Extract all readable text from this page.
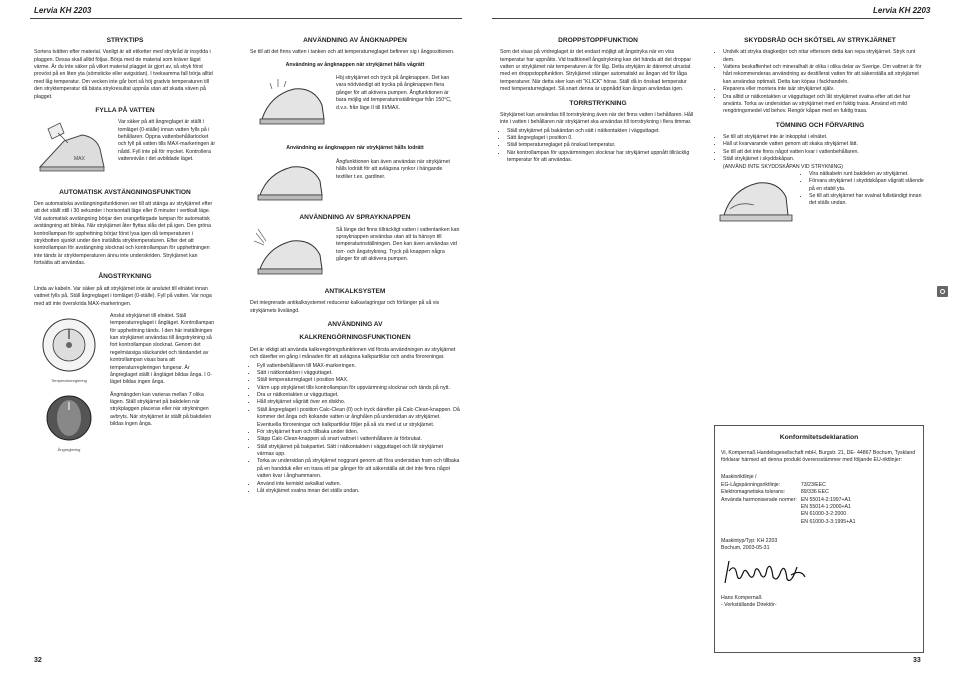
Lervia KH 2203	Lervia KH 2203
STRYKTIPS

Sortera tvätten efter material. Vanligt är att etiketter med strykråd är insydda i plaggen. Dessa skall alltid följas. Börja med de material som kräver lägst värme. Är du inte säker på vilket material plagget är gjort av, så stryk först provöst på en liten yta (sömsticke eller avigsidan). I tveksamma fall börja alltid med låg temperatur. Om vecken inte går bort så höj gradvis temperaturen till den stryktemperatur då bästa strykresultat uppnås utan att skada väven på plagget.

FYLLA PÅ VATTEN
MAX
Var säker på att ångreglaget är ställt i tomläget (0-ställe) innan vatten fylls på i behållaren. Öppna vattenbehållarlocket och fyll på vatten tills MAX-markeringen är nådd. Fyll inte på för mycket. Kontrollera vattennivån i det avbildade läget.
AUTOMATISK AVSTÄNGNINGSFUNKTION

Den automatiska avstängningsfunktionen ser till att stänga av strykjärnet efter att det ställt still i 30 sekunder i horisontalt läge eller 8 minuter i vertikalt läge. Vid automatisk avstängning börjar den orangefärgade lampan för automatisk avstängning att blinka. När strykjärnet åter flyttas slås det på igen. Den gröna kontrollampan för upphettning börjar först lysa igen då temperaturen i strykbotten sjunkit under den inställda stryktemperaturen. Efter det att kontrollampan för avstängning slocknat och kontrollampan för upphettningen inte tänds är stryktemperaturen ännu inte underskriden. Strykjärnet kan fortsätta att användas.

ÅNGSTRYKNING

Linda av kabeln. Var säker på att strykjärnet inte är anslutet till elnätet innan vattnet fylls på. Ställ ångreglaget i tomläget (0-ställe). Fyll på vatten. Var noga med att inte överskrida MAX-markeringen.

Temperaturreglering
Anslut strykjärnet till elnätet. Ställ temperaturreglaget i ångläget. Kontrollampan för upphettning tänds. I den här inställningen kan strykjärnet användas till ångstrykning så fort kontrollampan slocknat. Genom det regelmässiga släckandet och tändandet av kontrollampan visas bara att temperaturregleringen fungerar. Är ångreglaget ställt i ångläget bildas ånga. I 0-läget bildas ingen ånga.
Ångreglering
Ångmängden kan varieras mellan 7 olika lägen. Ställ strykjärnet på bakdelen när strykplaggen placeras eller när strykningen avbryts. När strykjärnet är ställt på bakdelen bildas ingen ånga.
ANVÄNDNING AV ÅNGKNAPPEN

Se till att det finns vatten i tanken och att temperaturreglaget befinner sig i ångpositionen.

Användning av ångknappen när strykjärnet hålls vågrätt
Höj strykjärnet och tryck på ångknappen. Det kan vara nödvändigt att trycka på ångknappen flera gånger för att aktivera pumpen. Ångfunktionen är bara möjlig vid temperaturinställningar från 150°C, d.v.s. från läge II till III/MAX.
Användning av ångknappen när strykjärnet hålls lodrätt
Ångfunktionen kan även användas när strykjärnet hålls lodrätt för att avlägsna rynkor i hängande textilier t.ex. gardiner.
ANVÄNDNING AV SPRAYKNAPPEN
Så länge det finns tillräckligt vatten i vattentanken kan sprayknappen användas utan att ta hänsyn till temperaturinställningen. Den kan även användas vid torr- och ångstrykning. Tryck på knappen några gånger för att aktivera pumpen.
ANTIKALKSYSTEM

Det integrerade antikalksystemet reducerar kalkavlagringar och förlänger på så vis strykjärnets livslängd.

ANVÄNDNING AV
KALKRENGÖRNINGSFUNKTIONEN

Det är viktigt att använda kalkrengöringsfunktionen vid första användningen av strykjärnet och därefter en gång i månaden för att avlägsna kalkpartiklar och andra föroreningar.

• Fyll vattenbehållaren till MAX-markeringen.
• Sätt i nätkontakten i vägguttaget.
• Ställ temperaturreglaget i position MAX.
• Värm upp strykjärnet tills kontrollampan för uppvärmning slocknar och tänds på nytt.
• Dra ur nätkontakten ur vägguttaget.
• Håll strykjärnet vågrätt över en diskho.
• Ställ ångreglaget i position Calc-Clean (0) och tryck därefter på Calc-Clean-knappen. Då kommer det ånga och kokande vatten ur ånghålen på undersidan av strykjärnet. Eventuella föroreningar och kalkpartiklar följer på så vis med ut ur strykjärnet.
• För strykjärnet fram och tillbaka under tiden.
• Släpp Calc-Clean-knappen så snart vattnet i vattenhållaren är förbrukat.
• Ställ strykjärnet på bakpartiet. Sätt i nätkontakten i vägguttaget och låt strykjärnet värmas upp.
• Torka av undersidan på strykjärnet noggrant genom att föra undersidan fram och tillbaka på en handduk eller en trasa ett par gånger för att säkerställa att det inte finns något vatten kvar i ånghammaren.
• Använd inte kemiskt avkalkat vatten.
• Låt strykjärnet svalna innan det ställs undan.
DROPPSTOPPFUNKTION

Som det visas på vridreglaget är det endast möjligt att ångstryka när en viss temperatur har uppnåtts. Vid traditionell ångstrykning kan det hända att det droppar vatten ur strykjärnet när temperaturen är för låg. Detta strykjärn är däremot utrustat med en droppstoppfunktion. Strykjärnet stänger automatiskt av ångan vid för låga temperaturer. När detta sker kan ett "KLICK" höras. Ställ då in önskad temperatur med temperaturreglaget. Så snart denna är uppnådd kan ångan användas igen.

TORRSTRYKNING

Strykjärnet kan användas till torrstrykning även när det finns vatten i behållaren. Håll inte i vatten i behållaren när strykjärnet ska användas till torrstrykning i flera timmar.

• Ställ strykjärnet på bakändan och sätt i nätkontakten i vägguttaget.
• Sätt ångreglaget i position 0.
• Ställ temperaturreglaget på önskad temperatur.
• När kontrollampan för uppvärmningen slocknar har strykjärnet uppnått tillräcklig temperatur för att användas.
SKYDDSRÅD OCH SKÖTSEL AV STRYKJÄRNET
• Undvik att stryka dragkedjor och nitar eftersom detta kan repa strykjärnet. Stryk runt dem.
• Vattens beskaffenhet och mineralhalt är olika i olika delar av Sverige. Om vattnet är för hårt rekommenderas användning av destillerat vatten för att säkerställa att strykjärnet kan användas optimalt. Detta kan köpas i fackhandeln.
• Reparera eller montera inte isär strykjärnet själv.
• Dra alltid ur nätkontakten ur vägguttaget och låt strykjärnet svalna efter att det har använts. Torka av undersidan av strykjärnet med en fuktig trasa. Använd ett mild rengöringsmedel vid behov. Rengör kåpan med en fuktig trasa.
TÖMNING OCH FÖRVARING
• Se till att strykjärnet inte är inkopplat i elnätet.
• Häll ut kvarvarande vatten genom att skaka strykjärnet lätt.
• Se till att det inte finns något vatten kvar i vattenbehållaren.
• Ställ strykjärnet i skyddskåpan.
(ANVÄND INTE SKYDDSKÅPAN VID STRYKNING)
• Vira nätkabeln runt bakdelen av strykjärnet.
• Förvara strykjärnet i skyddskåpan vågrätt stående på en stabil yta.
• Se till att strykjärnet har svalnat fullständigt innan det ställs undan.
Konformitetsdeklaration
Vi, Kompernaß Handelsgesellschaft mbH, Burgstr. 21, DE- 44867 Bochum, Tyskland förklarar härmed att denna produkt överensstämmer med följande EU-riktlinjer:
Maskinriktlinje /	
EG-Lågspänningsriktlinje:	73/23/EEC
Elektromagnetiska tolerans:	89/336 EEC
Använda harmoniserade normer:	EN 55014-2:1997+A1
	EN 55014-1:2000+A1
	EN 61000-3-2:2000
	EN 61000-3-3:1995+A1
Maskintyp/Typ: KH 2203
Bochum, 2003-05-31
Hans Kompernaß
- Verkställande Direktör-
32	33
